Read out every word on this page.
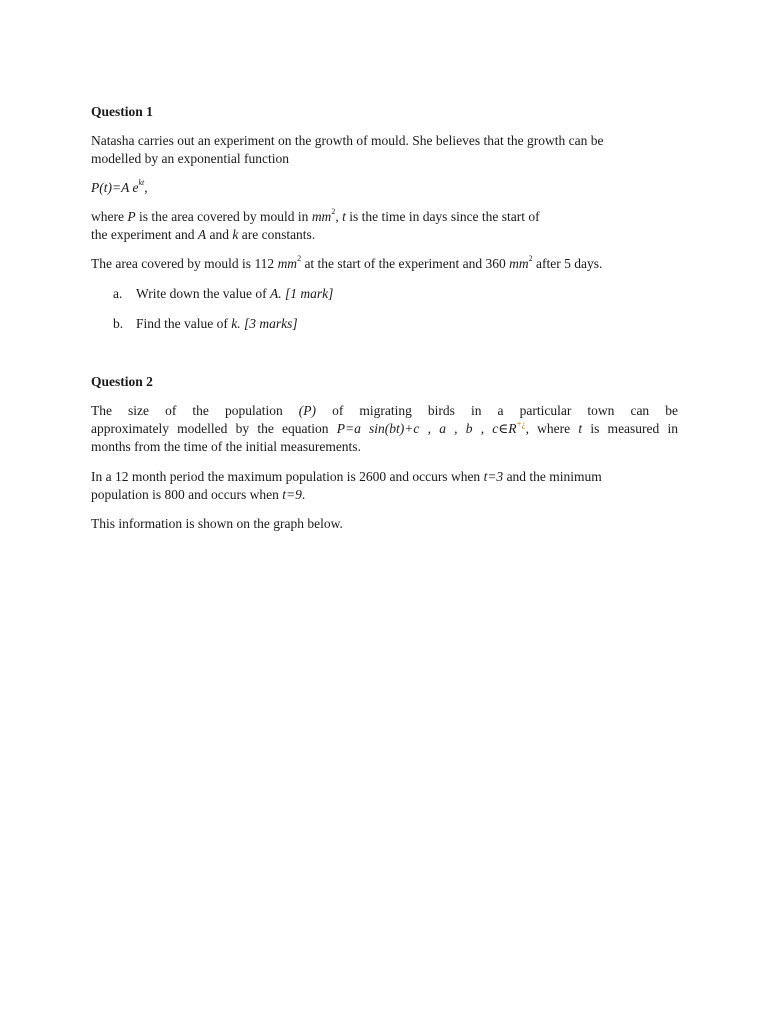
Question 1

Natasha carries out an experiment on the growth of mould. She believes that the growth can be
modelled by an exponential function

P(t)=A $e^{kt}$,

where P is the area covered by mould in $mm^2$, t is the time in days since the start of
the experiment and A and k are constants.

The area covered by mould is 112 $mm^2$ at the start of the experiment and 360 $mm^2$ after 5 days.

a. Write down the value of A. [1 mark]
b. Find the value of k. [3 marks]

Question 2

The size of the population (P) of migrating birds in a particular town can be
approximately modelled by the equation P=a sin(bt)+c , a , b , c∈R+¿, where t is measured in
months from the time of the initial measurements.
In a 12 month period the maximum population is 2600 and occurs when t=3 and the minimum
population is 800 and occurs when t=9.

This information is shown on the graph below.
